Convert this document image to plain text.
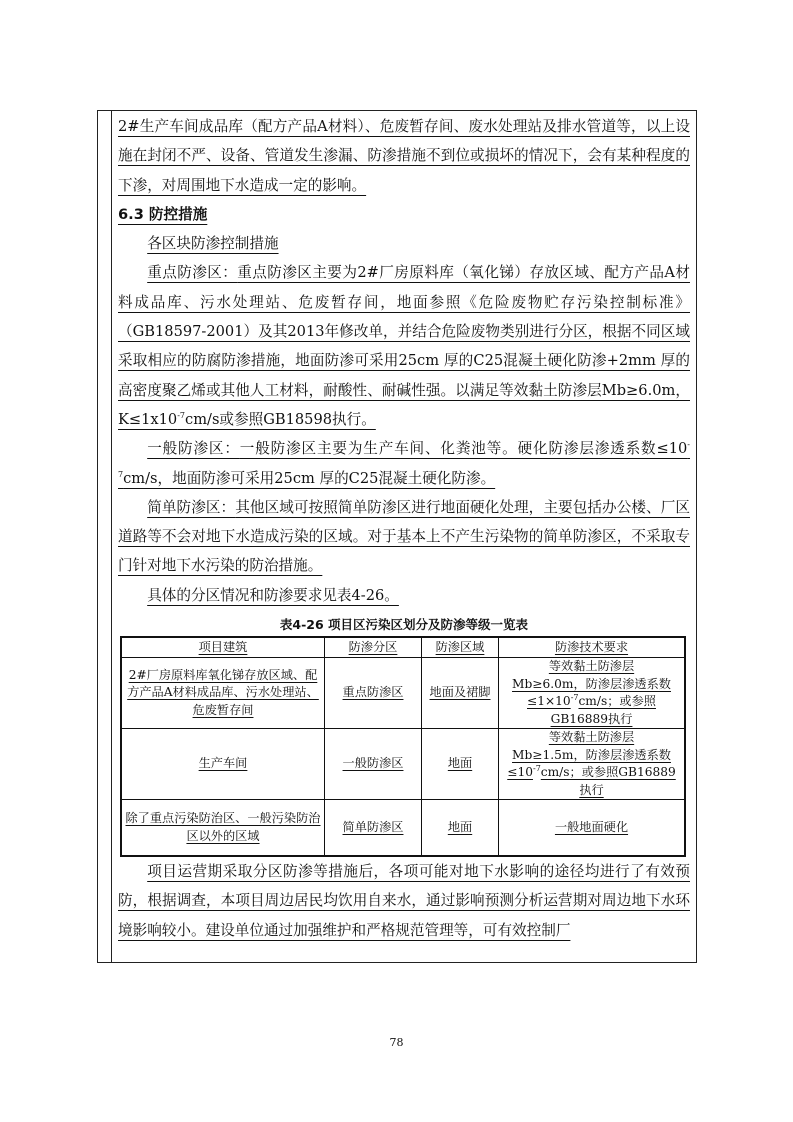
2#生产车间成品库（配方产品A材料）、危废暂存间、废水处理站及排水管道等，以上设施在封闭不严、设备、管道发生渗漏、防渗措施不到位或损坏的情况下，会有某种程度的下渗，对周围地下水造成一定的影响。

6.3 防控措施

各区块防渗控制措施

重点防渗区：重点防渗区主要为2#厂房原料库（氧化锑）存放区域、配方产品A材料成品库、污水处理站、危废暂存间，地面参照《危险废物贮存污染控制标准》（GB18597-2001）及其2013年修改单，并结合危险废物类别进行分区，根据不同区域采取相应的防腐防渗措施，地面防渗可采用25cm 厚的C25混凝土硬化防渗+2mm 厚的高密度聚乙烯或其他人工材料，耐酸性、耐碱性强。以满足等效黏土防渗层Mb≥6.0m，$K\le 1x10^{-7}cm/s$或参照GB18598执行。

一般防渗区：一般防渗区主要为生产车间、化粪池等。硬化防渗层渗透系数$\le 10^{-7}cm/s$，地面防渗可采用25cm 厚的C25混凝土硬化防渗。

简单防渗区：其他区域可按照简单防渗区进行地面硬化处理，主要包括办公楼、厂区道路等不会对地下水造成污染的区域。对于基本上不产生污染物的简单防渗区，不采取专门针对地下水污染的防治措施。

具体的分区情况和防渗要求见表4-26。

表4-26 项目区污染区划分及防渗等级一览表
项目建筑	防渗分区	防渗区域	防渗技术要求
2#厂房原料库氧化锑存放区域、配方产品A材料成品库、污水处理站、危废暂存间	重点防渗区	地面及裙脚	等效黏土防渗层
Mb≥6.0m，防渗层渗透系数$\le 1\times 10^{-7}cm/s$；或参照GB16889执行
生产车间	一般防渗区	地面	等效黏土防渗层
Mb≥1.5m，防渗层渗透系数$\le 10^{-7}cm/s$；或参照GB16889执行
除了重点污染防治区、一般污染防治区以外的区域	简单防渗区	地面	一般地面硬化

项目运营期采取分区防渗等措施后，各项可能对地下水影响的途径均进行了有效预防，根据调查，本项目周边居民均饮用自来水，通过影响预测分析运营期对周边地下水环境影响较小。建设单位通过加强维护和严格规范管理等，可有效控制厂

78
